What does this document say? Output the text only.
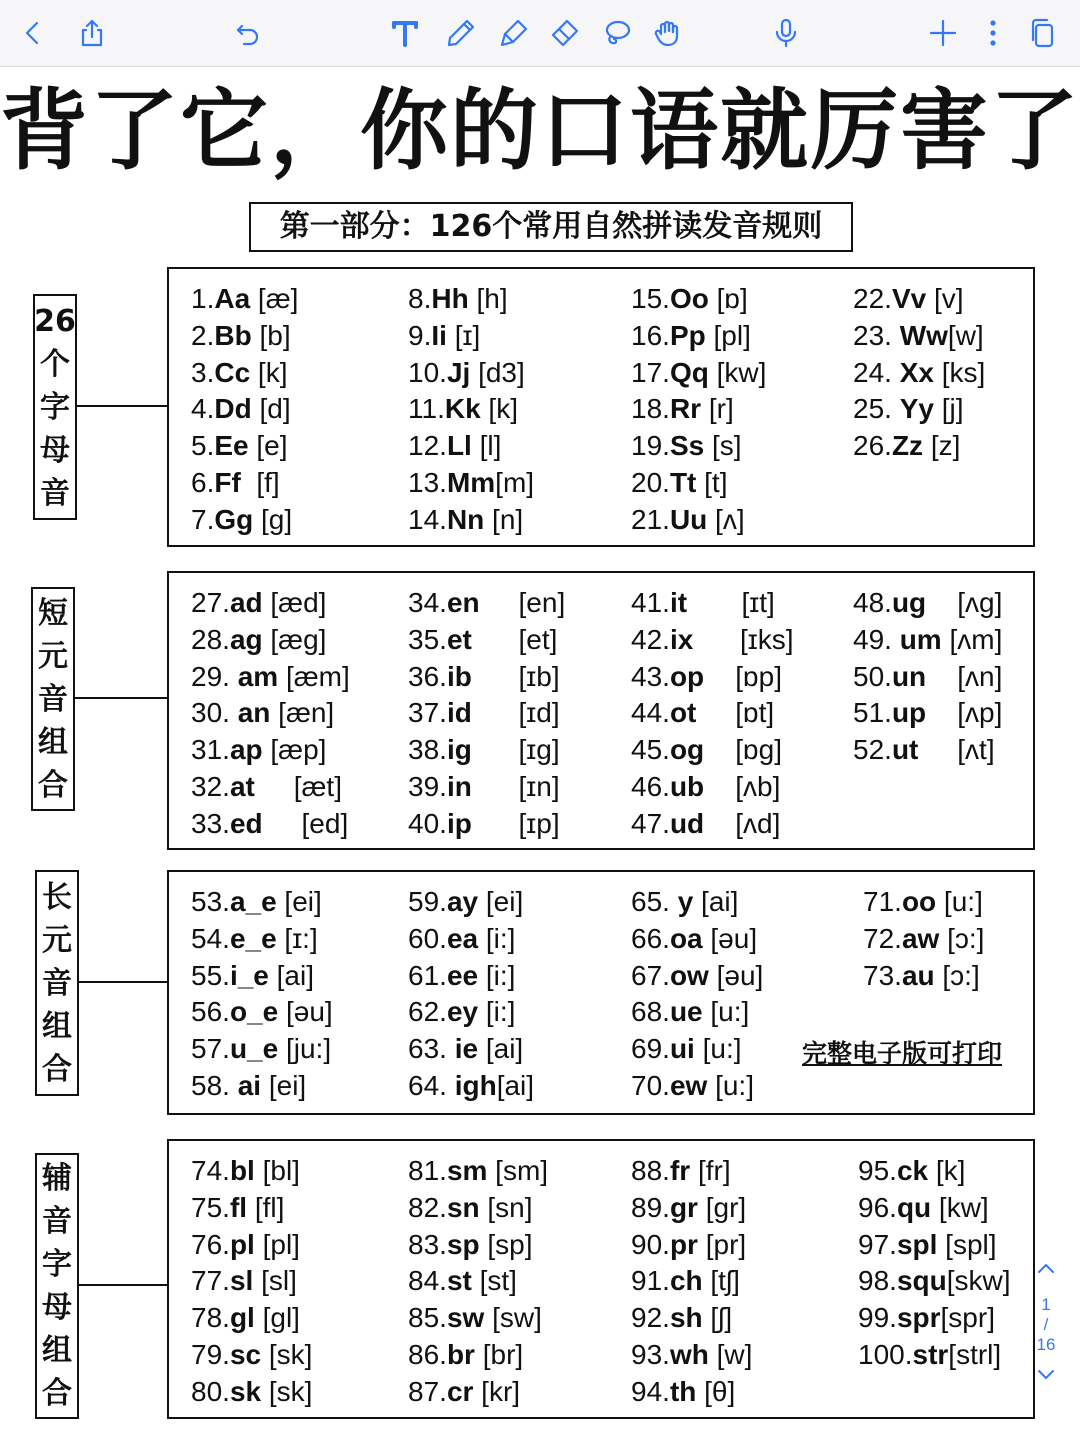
背了它，你的口语就厉害了
第一部分：126个常用自然拼读发音规则
26
个
字
母
音
1.Aa [æ]
2.Bb [b]
3.Cc [k]
4.Dd [d]
5.Ee [e]
6.Ff  [f]
7.Gg [g]
8.Hh [h]
9.Ii [ɪ]
10.Jj [d3]
11.Kk [k]
12.Ll [l]
13.Mm[m]
14.Nn [n]
15.Oo [ɒ]
16.Pp [pl]
17.Qq [kw]
18.Rr [r]
19.Ss [s]
20.Tt [t]
21.Uu [ʌ]
22.Vv [v]
23. Ww[w]
24. Xx [ks]
25. Yy [j]
26.Zz [z]
短
元
音
组
合
27.ad [æd]
28.ag [æg]
29. am [æm]
30. an [æn]
31.ap [æp]
32.at     [æt]
33.ed     [ed]
34.en     [en]
35.et      [et]
36.ib      [ɪb]
37.id      [ɪd]
38.ig      [ɪg]
39.in      [ɪn]
40.ip      [ɪp]
41.it       [ɪt]
42.ix      [ɪks]
43.op    [ɒp]
44.ot     [ɒt]
45.og    [ɒg]
46.ub    [ʌb]
47.ud    [ʌd]
48.ug    [ʌg]
49. um [ʌm]
50.un    [ʌn]
51.up    [ʌp]
52.ut     [ʌt]
长
元
音
组
合
53.a_e [ei]
54.e_e [ɪ:]
55.i_e [ai]
56.o_e [əu]
57.u_e [ju:]
58. ai [ei]
59.ay [ei]
60.ea [i:]
61.ee [i:]
62.ey [i:]
63. ie [ai]
64. igh[ai]
65. y [ai]
66.oa [əu]
67.ow [əu]
68.ue [u:]
69.ui [u:]
70.ew [u:]
71.oo [u:]
72.aw [ɔ:]
73.au [ɔ:]
辅
音
字
母
组
合
74.bl [bl]
75.fl [fl]
76.pl [pl]
77.sl [sl]
78.gl [gl]
79.sc [sk]
80.sk [sk]
81.sm [sm]
82.sn [sn]
83.sp [sp]
84.st [st]
85.sw [sw]
86.br [br]
87.cr [kr]
88.fr [fr]
89.gr [gr]
90.pr [pr]
91.ch [tʃ]
92.sh [ʃ]
93.wh [w]
94.th [θ]
95.ck [k]
96.qu [kw]
97.spl [spl]
98.squ[skw]
99.spr[spr]
100.str[strl]
完整电子版可打印
1
/
16
